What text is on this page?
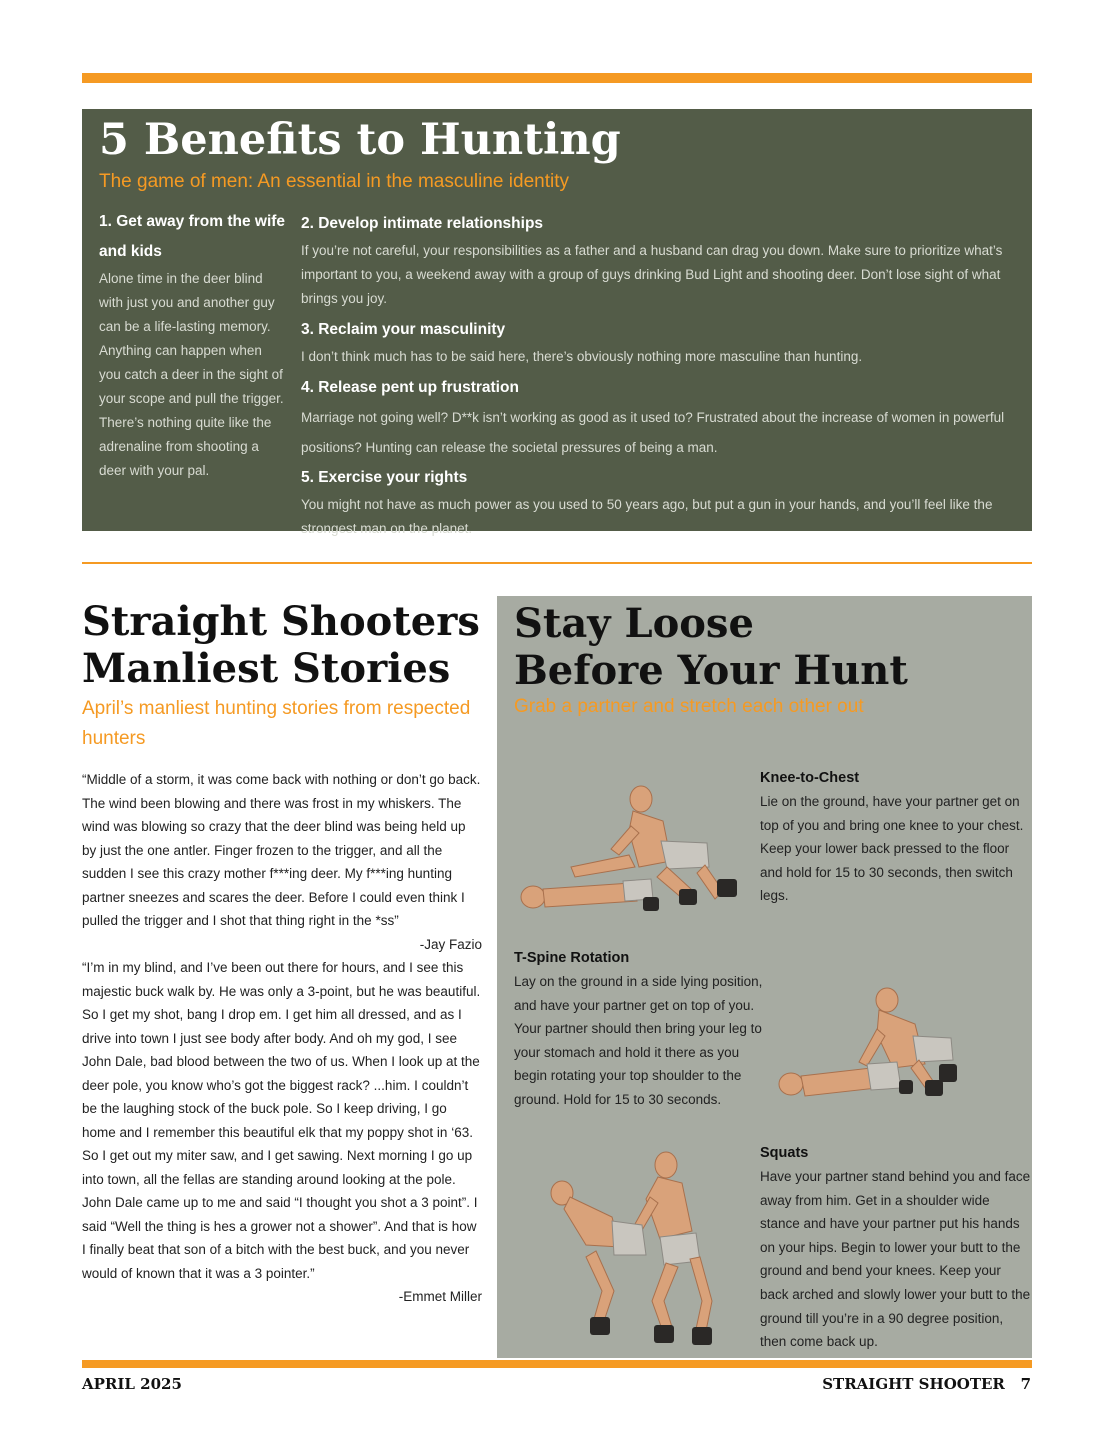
5 Benefits to Hunting
The game of men: An essential in the masculine identity
1. Get away from the wife and kids
Alone time in the deer blind with just you and another guy can be a life-lasting memory. Anything can happen when you catch a deer in the sight of your scope and pull the trigger. There’s nothing quite like the adrenaline from shooting a deer with your pal.
2. Develop intimate relationships
If you’re not careful, your responsibilities as a father and a husband can drag you down. Make sure to prioritize what’s important to you, a weekend away with a group of guys drinking Bud Light and shooting deer. Don’t lose sight of what brings you joy.
3. Reclaim your masculinity
I don’t think much has to be said here, there’s obviously nothing more masculine than hunting.
4. Release pent up frustration
Marriage not going well? D**k isn’t working as good as it used to? Frustrated about the increase of women in powerful positions? Hunting can release the societal pressures of being a man.
5. Exercise your rights
You might not have as much power as you used to 50 years ago, but put a gun in your hands, and you’ll feel like the strongest man on the planet.
Straight Shooters
Manliest Stories
April’s manliest hunting stories from respected hunters
“Middle of a storm, it was come back with nothing or don’t go back. The wind been blowing and there was frost in my whiskers. The wind was blowing so crazy that the deer blind was being held up by just the one antler. Finger frozen to the trigger, and all the sudden I see this crazy mother f***ing deer. My f***ing hunting partner sneezes and scares the deer. Before I could even think I pulled the trigger and I shot that thing right in the *ss”
-Jay Fazio
“I’m in my blind, and I’ve been out there for hours, and I see this majestic buck walk by. He was only a 3-point, but he was beautiful. So I get my shot, bang I drop em. I get him all dressed, and as I drive into town I just see body after body. And oh my god, I see John Dale, bad blood between the two of us. When I look up at the deer pole, you know who’s got the biggest rack? ...him. I couldn’t be the laughing stock of the buck pole. So I keep driving, I go home and I remember this beautiful elk that my poppy shot in ‘63. So I get out my miter saw, and I get sawing. Next morning I go up into town, all the fellas are standing around looking at the pole. John Dale came up to me and said “I thought you shot a 3 point”. I said “Well the thing is hes a grower not a shower”. And that is how I finally beat that son of a bitch with the best buck, and you never would of known that it was a 3 pointer.”
-Emmet Miller
Stay Loose
Before Your Hunt
Grab a partner and stretch each other out
Knee-to-Chest
Lie on the ground, have your partner get on top of you and bring one knee to your chest. Keep your lower back pressed to the floor and hold for 15 to 30 seconds, then switch legs.
T-Spine Rotation
Lay on the ground in a side lying position, and have your partner get on top of you. Your partner should then bring your leg to your stomach and hold it there as you begin rotating your top shoulder to the ground. Hold for 15 to 30 seconds.
Squats
Have your partner stand behind you and face away from him. Get in a shoulder wide stance and have your partner put his hands on your hips. Begin to lower your butt to the ground and bend your knees. Keep your back arched and slowly lower your butt to the ground till you’re in a 90 degree position, then come back up.
APRIL 2025	STRAIGHT SHOOTER 7
